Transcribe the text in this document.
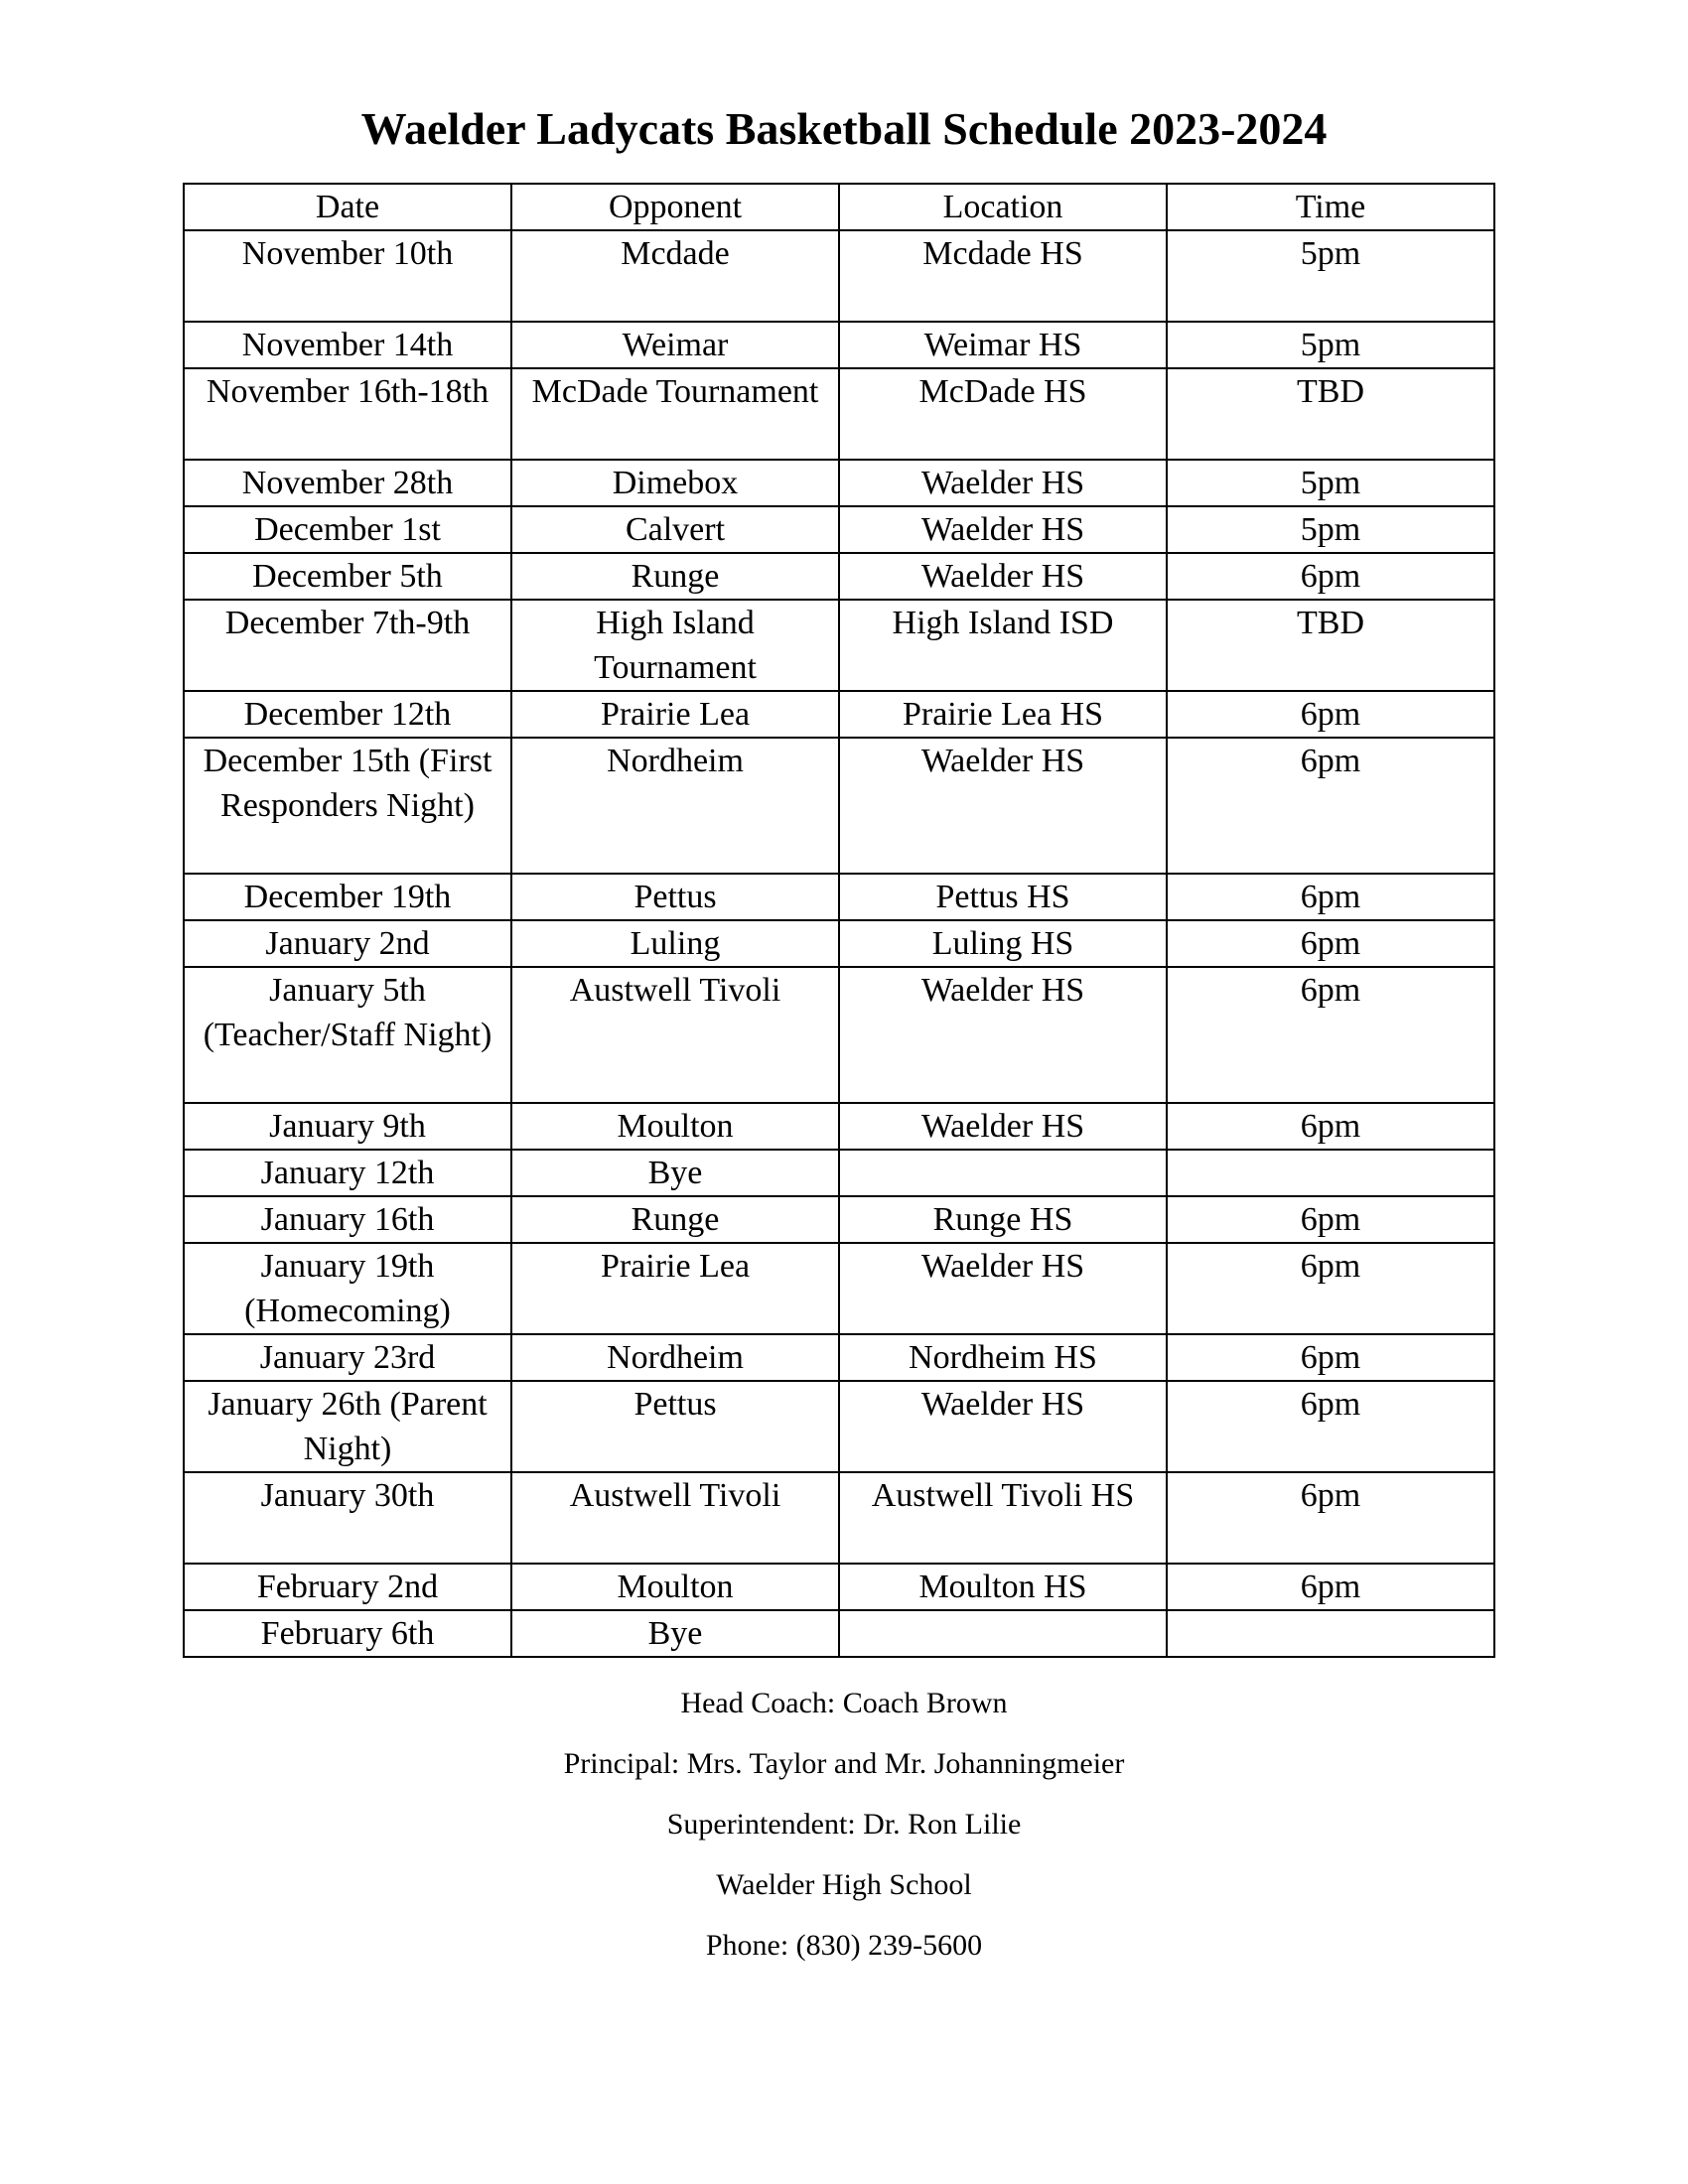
Waelder Ladycats Basketball Schedule 2023-2024
Date	Opponent	Location	Time
November 10th	Mcdade	Mcdade HS	5pm
November 14th	Weimar	Weimar HS	5pm
November 16th-18th	McDade Tournament	McDade HS	TBD
November 28th	Dimebox	Waelder HS	5pm
December 1st	Calvert	Waelder HS	5pm
December 5th	Runge	Waelder HS	6pm
December 7th-9th	High Island Tournament	High Island ISD	TBD
December 12th	Prairie Lea	Prairie Lea HS	6pm
December 15th (First Responders Night)	Nordheim	Waelder HS	6pm
December 19th	Pettus	Pettus HS	6pm
January 2nd	Luling	Luling HS	6pm
January 5th (Teacher/Staff Night)	Austwell Tivoli	Waelder HS	6pm
January 9th	Moulton	Waelder HS	6pm
January 12th	Bye		
January 16th	Runge	Runge HS	6pm
January 19th (Homecoming)	Prairie Lea	Waelder HS	6pm
January 23rd	Nordheim	Nordheim HS	6pm
January 26th (Parent Night)	Pettus	Waelder HS	6pm
January 30th	Austwell Tivoli	Austwell Tivoli HS	6pm
February 2nd	Moulton	Moulton HS	6pm
February 6th	Bye		

Head Coach: Coach Brown

Principal: Mrs. Taylor and Mr. Johanningmeier

Superintendent: Dr. Ron Lilie

Waelder High School

Phone: (830) 239-5600
